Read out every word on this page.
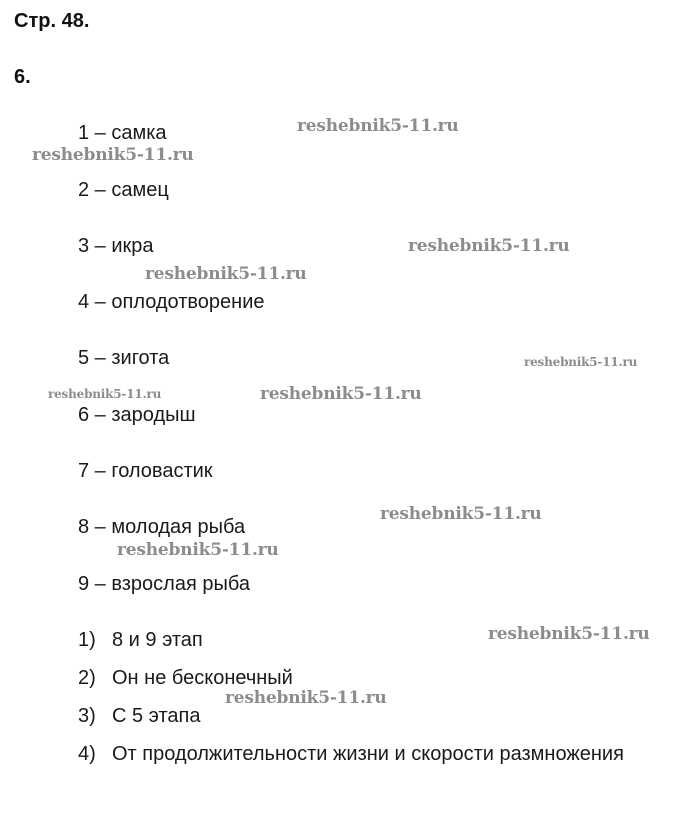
Стр. 48.
6.
1 – самка
2 – самец
3 – икра
4 – оплодотворение
5 – зигота
6 – зародыш
7 – головастик
8 – молодая рыба
9 – взрослая рыба
1) 8 и 9 этап
2) Он не бесконечный
3) С 5 этапа
4) От продолжительности жизни и скорости размножения
reshebnik5-11.ru
reshebnik5-11.ru
reshebnik5-11.ru
reshebnik5-11.ru
reshebnik5-11.ru
reshebnik5-11.ru	reshebnik5-11.ru
reshebnik5-11.ru
reshebnik5-11.ru
reshebnik5-11.ru
reshebnik5-11.ru
